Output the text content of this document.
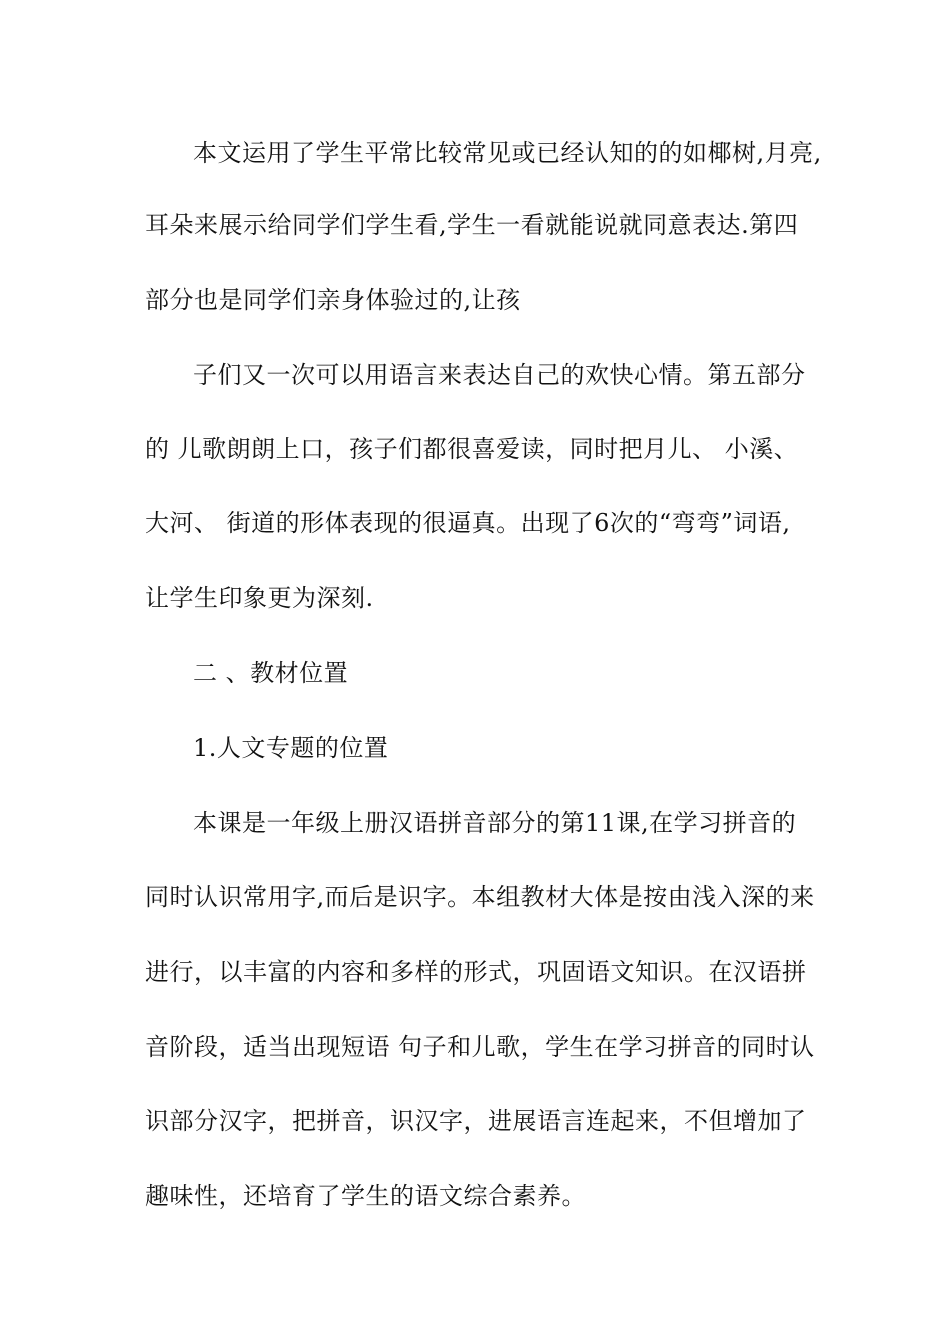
本文运用了学生平常比较常见或已经认知的的如椰树,月亮,
耳朵来展示给同学们学生看,学生一看就能说就同意表达.第四
部分也是同学们亲身体验过的,让孩
子们又一次可以用语言来表达自己的欢快心情。第五部分
的 儿歌朗朗上口，孩子们都很喜爱读，同时把月儿、 小溪、
大河、 街道的形体表现的很逼真。出现了6次的“弯弯”词语,
让学生印象更为深刻.
二 、教材位置
1.人文专题的位置
本课是一年级上册汉语拼音部分的第11课,在学习拼音的
同时认识常用字,而后是识字。本组教材大体是按由浅入深的来
进行，以丰富的内容和多样的形式，巩固语文知识。在汉语拼
音阶段，适当出现短语 句子和儿歌，学生在学习拼音的同时认
识部分汉字，把拼音，识汉字，进展语言连起来，不但增加了
趣味性，还培育了学生的语文综合素养。
